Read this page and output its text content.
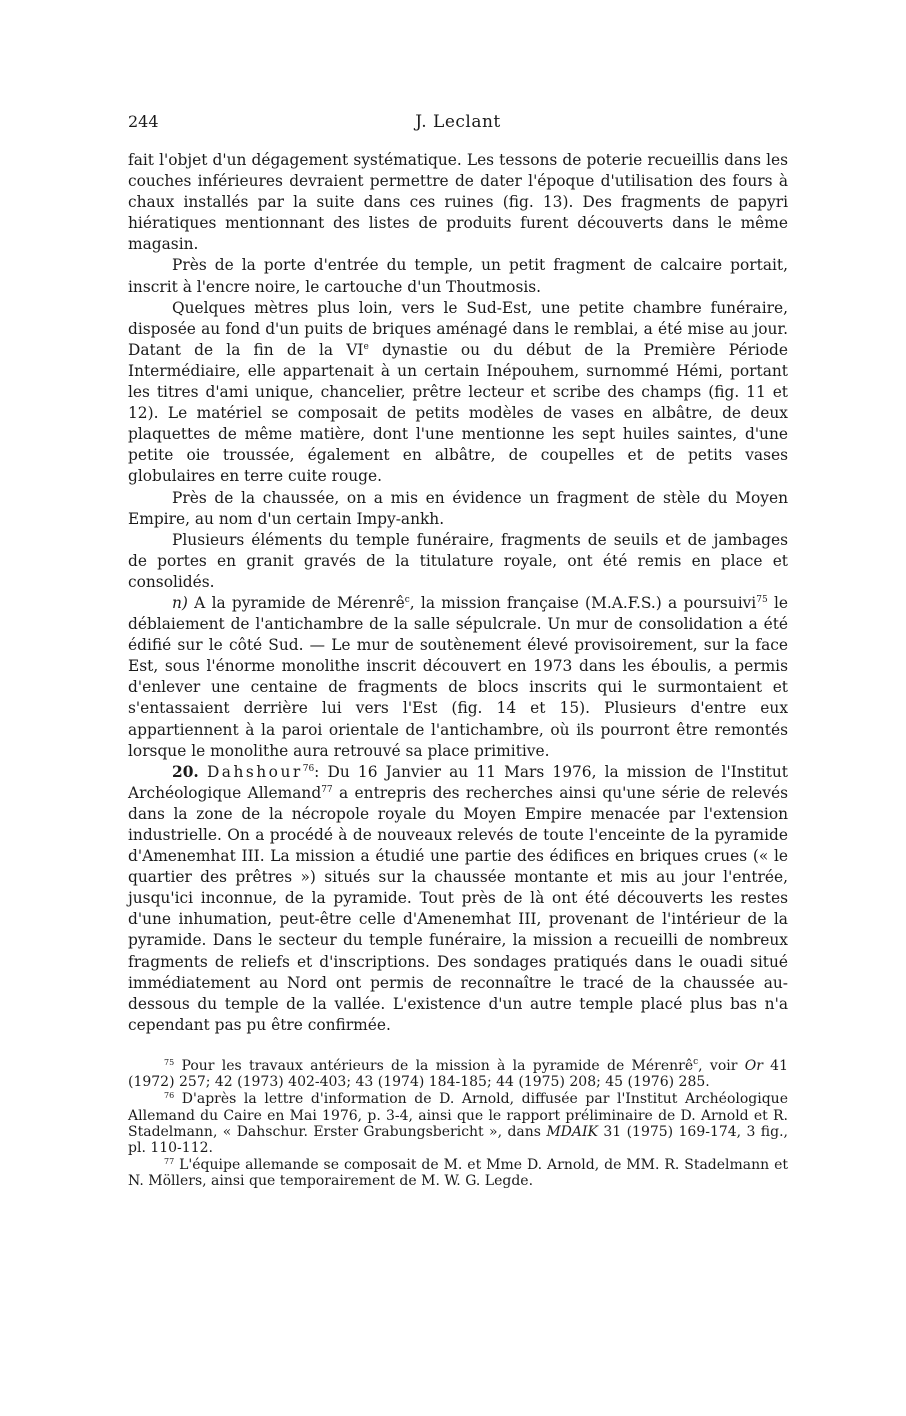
244	J. Leclant

fait l'objet d'un dégagement systématique. Les tessons de poterie recueillis dans les couches inférieures devraient permettre de dater l'époque d'utilisation des fours à chaux installés par la suite dans ces ruines (fig. 13). Des fragments de papyri hiératiques mentionnant des listes de produits furent découverts dans le même magasin.

Près de la porte d'entrée du temple, un petit fragment de calcaire portait, inscrit à l'encre noire, le cartouche d'un Thoutmosis.

Quelques mètres plus loin, vers le Sud-Est, une petite chambre funéraire, disposée au fond d'un puits de briques aménagé dans le remblai, a été mise au jour. Datant de la fin de la VIe dynastie ou du début de la Première Période Intermédiaire, elle appartenait à un certain Inépouhem, surnommé Hémi, portant les titres d'ami unique, chancelier, prêtre lecteur et scribe des champs (fig. 11 et 12). Le matériel se composait de petits modèles de vases en albâtre, de deux plaquettes de même matière, dont l'une mentionne les sept huiles saintes, d'une petite oie troussée, également en albâtre, de coupelles et de petits vases globulaires en terre cuite rouge.

Près de la chaussée, on a mis en évidence un fragment de stèle du Moyen Empire, au nom d'un certain Impy-ankh.

Plusieurs éléments du temple funéraire, fragments de seuils et de jambages de portes en granit gravés de la titulature royale, ont été remis en place et consolidés.

n) A la pyramide de Mérenrê$^c$, la mission française (M.A.F.S.) a poursuivi$^{75}$ le déblaiement de l'antichambre de la salle sépulcrale. Un mur de consolidation a été édifié sur le côté Sud. — Le mur de soutènement élevé provisoirement, sur la face Est, sous l'énorme monolithe inscrit découvert en 1973 dans les éboulis, a permis d'enlever une centaine de fragments de blocs inscrits qui le surmontaient et s'entassaient derrière lui vers l'Est (fig. 14 et 15). Plusieurs d'entre eux appartiennent à la paroi orientale de l'antichambre, où ils pourront être remontés lorsque le monolithe aura retrouvé sa place primitive.

20. Dahshour$^{76}$: Du 16 Janvier au 11 Mars 1976, la mission de l'Institut Archéologique Allemand$^{77}$ a entrepris des recherches ainsi qu'une série de relevés dans la zone de la nécropole royale du Moyen Empire menacée par l'extension industrielle. On a procédé à de nouveaux relevés de toute l'enceinte de la pyramide d'Amenemhat III. La mission a étudié une partie des édifices en briques crues (« le quartier des prêtres ») situés sur la chaussée montante et mis au jour l'entrée, jusqu'ici inconnue, de la pyramide. Tout près de là ont été découverts les restes d'une inhumation, peut-être celle d'Amenemhat III, provenant de l'intérieur de la pyramide. Dans le secteur du temple funéraire, la mission a recueilli de nombreux fragments de reliefs et d'inscriptions. Des sondages pratiqués dans le ouadi situé immédiatement au Nord ont permis de reconnaître le tracé de la chaussée au-dessous du temple de la vallée. L'existence d'un autre temple placé plus bas n'a cependant pas pu être confirmée.

$^{75}$ Pour les travaux antérieurs de la mission à la pyramide de Mérenrê$^c$, voir Or 41 (1972) 257; 42 (1973) 402-403; 43 (1974) 184-185; 44 (1975) 208; 45 (1976) 285.

$^{76}$ D'après la lettre d'information de D. Arnold, diffusée par l'Institut Archéologique Allemand du Caire en Mai 1976, p. 3-4, ainsi que le rapport préliminaire de D. Arnold et R. Stadelmann, « Dahschur. Erster Grabungsbericht », dans MDAIK 31 (1975) 169-174, 3 fig., pl. 110-112.

$^{77}$ L'équipe allemande se composait de M. et Mme D. Arnold, de MM. R. Stadelmann et N. Möllers, ainsi que temporairement de M. W. G. Legde.
